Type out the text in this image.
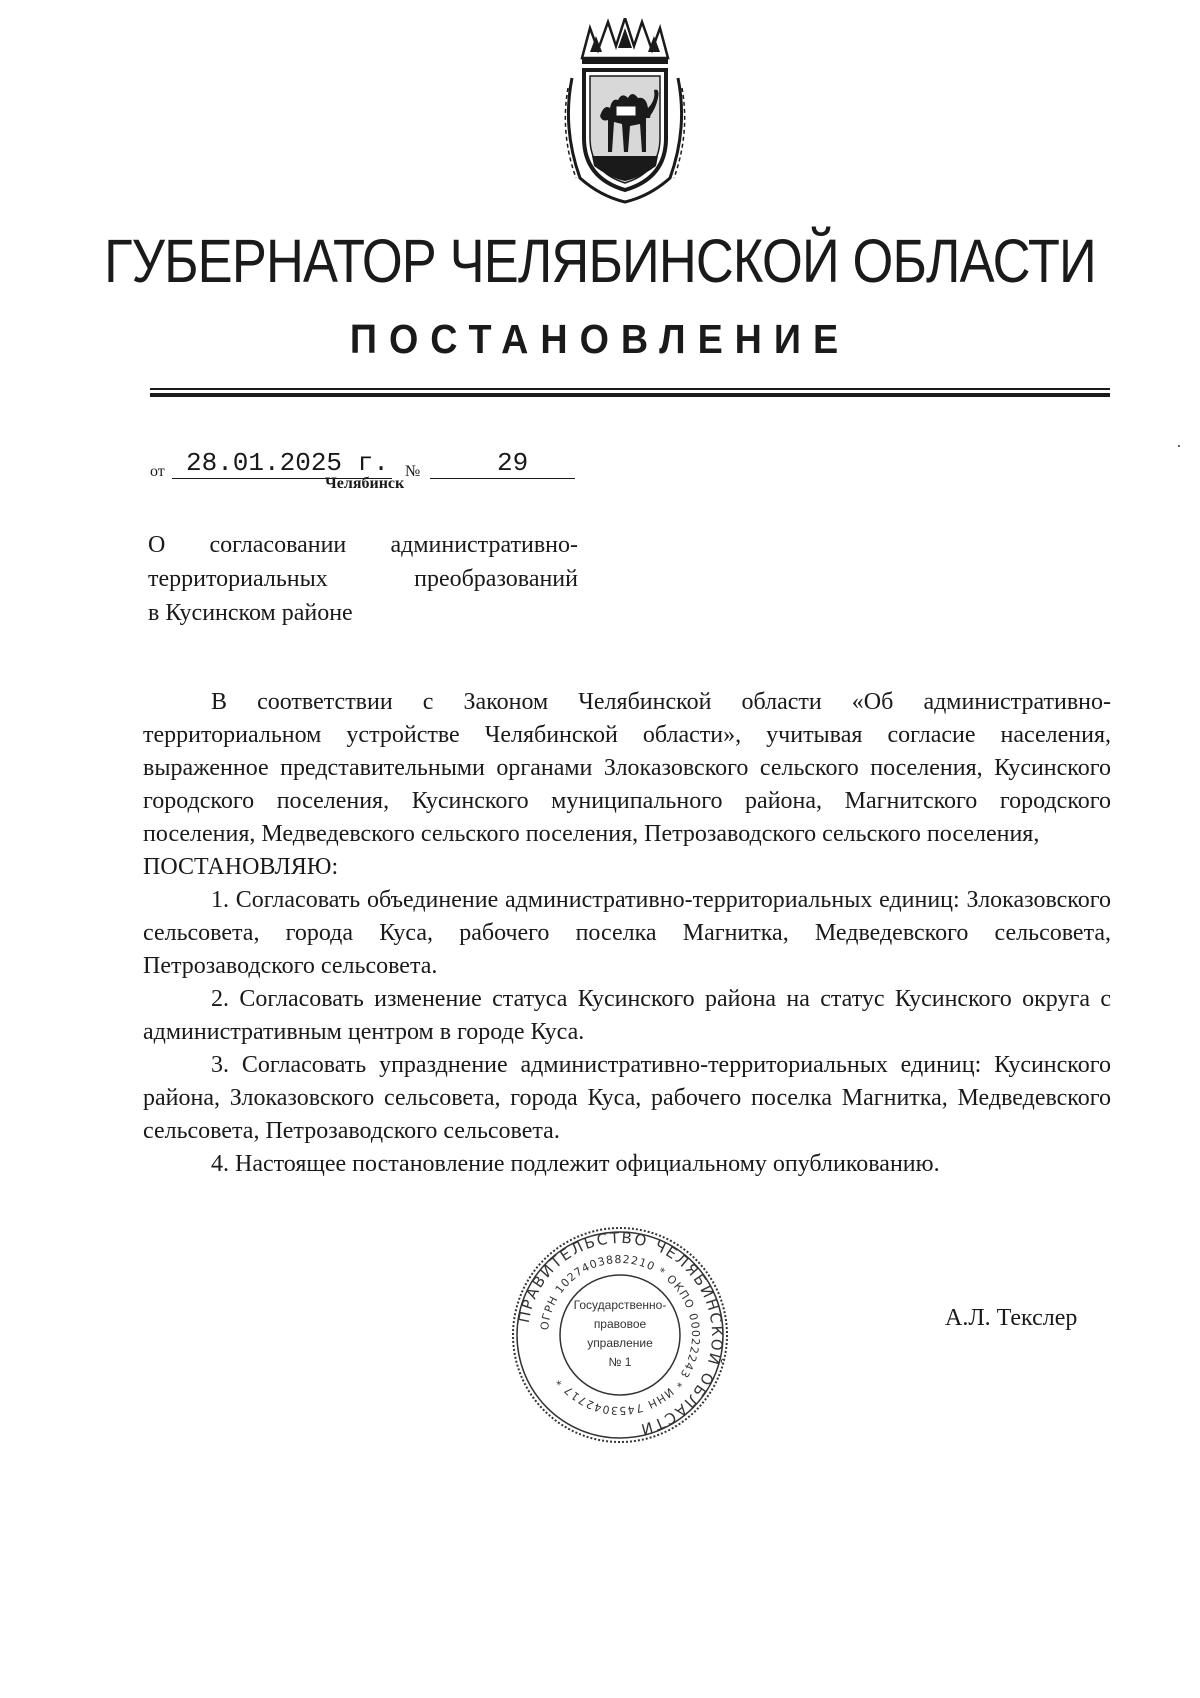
ГУБЕРНАТОР ЧЕЛЯБИНСКОЙ ОБЛАСТИ
ПОСТАНОВЛЕНИЕ
от 28.01.2025 г. №	29
Челябинск
О согласовании административно-
территориальных преобразований
в Кусинском районе

В соответствии с Законом Челябинской области «Об административно-территориальном устройстве Челябинской области», учитывая согласие населения, выраженное представительными органами Злоказовского сельского поселения, Кусинского городского поселения, Кусинского муниципального района, Магнитского городского поселения, Медведевского сельского поселения, Петрозаводского сельского поселения,

ПОСТАНОВЛЯЮ:

1. Согласовать объединение административно-территориальных единиц: Злоказовского сельсовета, города Куса, рабочего поселка Магнитка, Медведевского сельсовета, Петрозаводского сельсовета.

2. Согласовать изменение статуса Кусинского района на статус Кусинского округа с административным центром в городе Куса.

3. Согласовать упразднение административно-территориальных единиц: Кусинского района, Злоказовского сельсовета, города Куса, рабочего поселка Магнитка, Медведевского сельсовета, Петрозаводского сельсовета.

4. Настоящее постановление подлежит официальному опубликованию.

ПРАВИТЕЛЬСТВО ЧЕЛЯБИНСКОЙ ОБЛАСТИ
ОГРН 1027403882210 * ОКПО 00022243 * ИНН 7453042717 *
Государственно-
правовое
управление
№ 1
А.Л. Текслер
